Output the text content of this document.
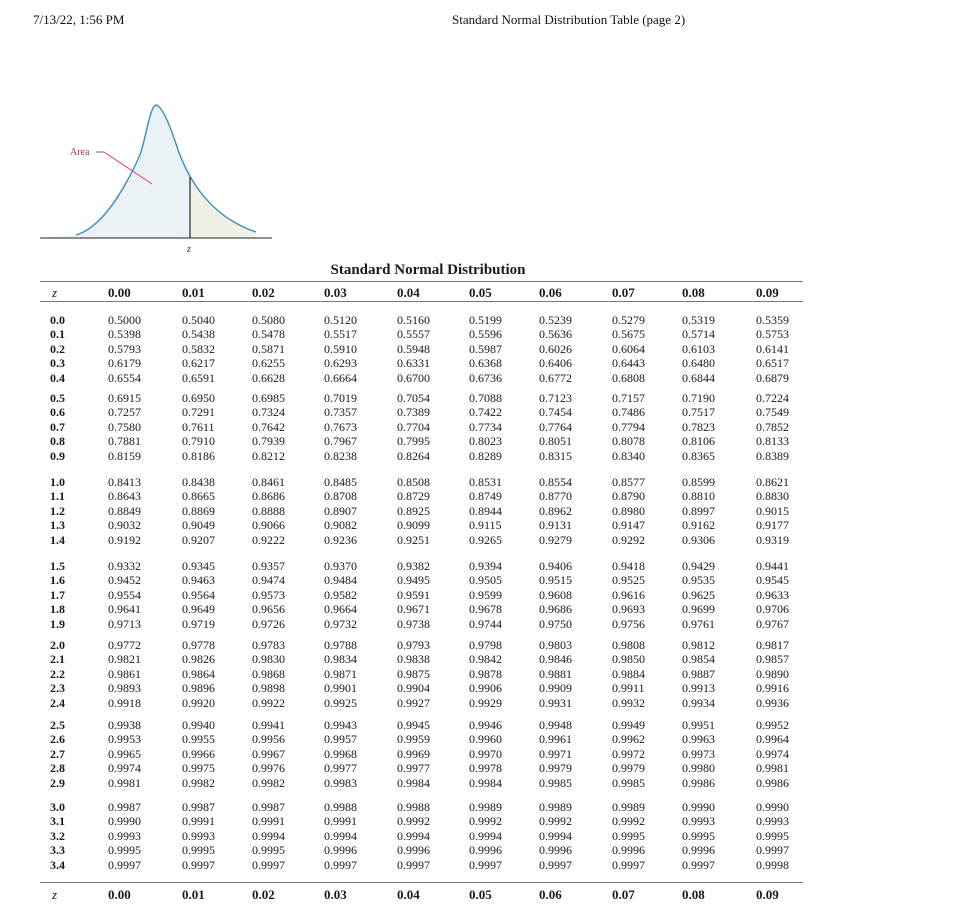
7/13/22, 1:56 PM	Standard Normal Distribution Table (page 2)
Area
z
Standard Normal Distribution
z	0.00	0.01	0.02	0.03	0.04	0.05	0.06	0.07	0.08	0.09
z	0.00	0.01	0.02	0.03	0.04	0.05	0.06	0.07	0.08	0.09
0.0	0.5000	0.5040	0.5080	0.5120	0.5160	0.5199	0.5239	0.5279	0.5319	0.5359
0.1	0.5398	0.5438	0.5478	0.5517	0.5557	0.5596	0.5636	0.5675	0.5714	0.5753
0.2	0.5793	0.5832	0.5871	0.5910	0.5948	0.5987	0.6026	0.6064	0.6103	0.6141
0.3	0.6179	0.6217	0.6255	0.6293	0.6331	0.6368	0.6406	0.6443	0.6480	0.6517
0.4	0.6554	0.6591	0.6628	0.6664	0.6700	0.6736	0.6772	0.6808	0.6844	0.6879
0.5	0.6915	0.6950	0.6985	0.7019	0.7054	0.7088	0.7123	0.7157	0.7190	0.7224
0.6	0.7257	0.7291	0.7324	0.7357	0.7389	0.7422	0.7454	0.7486	0.7517	0.7549
0.7	0.7580	0.7611	0.7642	0.7673	0.7704	0.7734	0.7764	0.7794	0.7823	0.7852
0.8	0.7881	0.7910	0.7939	0.7967	0.7995	0.8023	0.8051	0.8078	0.8106	0.8133
0.9	0.8159	0.8186	0.8212	0.8238	0.8264	0.8289	0.8315	0.8340	0.8365	0.8389
1.0	0.8413	0.8438	0.8461	0.8485	0.8508	0.8531	0.8554	0.8577	0.8599	0.8621
1.1	0.8643	0.8665	0.8686	0.8708	0.8729	0.8749	0.8770	0.8790	0.8810	0.8830
1.2	0.8849	0.8869	0.8888	0.8907	0.8925	0.8944	0.8962	0.8980	0.8997	0.9015
1.3	0.9032	0.9049	0.9066	0.9082	0.9099	0.9115	0.9131	0.9147	0.9162	0.9177
1.4	0.9192	0.9207	0.9222	0.9236	0.9251	0.9265	0.9279	0.9292	0.9306	0.9319
1.5	0.9332	0.9345	0.9357	0.9370	0.9382	0.9394	0.9406	0.9418	0.9429	0.9441
1.6	0.9452	0.9463	0.9474	0.9484	0.9495	0.9505	0.9515	0.9525	0.9535	0.9545
1.7	0.9554	0.9564	0.9573	0.9582	0.9591	0.9599	0.9608	0.9616	0.9625	0.9633
1.8	0.9641	0.9649	0.9656	0.9664	0.9671	0.9678	0.9686	0.9693	0.9699	0.9706
1.9	0.9713	0.9719	0.9726	0.9732	0.9738	0.9744	0.9750	0.9756	0.9761	0.9767
2.0	0.9772	0.9778	0.9783	0.9788	0.9793	0.9798	0.9803	0.9808	0.9812	0.9817
2.1	0.9821	0.9826	0.9830	0.9834	0.9838	0.9842	0.9846	0.9850	0.9854	0.9857
2.2	0.9861	0.9864	0.9868	0.9871	0.9875	0.9878	0.9881	0.9884	0.9887	0.9890
2.3	0.9893	0.9896	0.9898	0.9901	0.9904	0.9906	0.9909	0.9911	0.9913	0.9916
2.4	0.9918	0.9920	0.9922	0.9925	0.9927	0.9929	0.9931	0.9932	0.9934	0.9936
2.5	0.9938	0.9940	0.9941	0.9943	0.9945	0.9946	0.9948	0.9949	0.9951	0.9952
2.6	0.9953	0.9955	0.9956	0.9957	0.9959	0.9960	0.9961	0.9962	0.9963	0.9964
2.7	0.9965	0.9966	0.9967	0.9968	0.9969	0.9970	0.9971	0.9972	0.9973	0.9974
2.8	0.9974	0.9975	0.9976	0.9977	0.9977	0.9978	0.9979	0.9979	0.9980	0.9981
2.9	0.9981	0.9982	0.9982	0.9983	0.9984	0.9984	0.9985	0.9985	0.9986	0.9986
3.0	0.9987	0.9987	0.9987	0.9988	0.9988	0.9989	0.9989	0.9989	0.9990	0.9990
3.1	0.9990	0.9991	0.9991	0.9991	0.9992	0.9992	0.9992	0.9992	0.9993	0.9993
3.2	0.9993	0.9993	0.9994	0.9994	0.9994	0.9994	0.9994	0.9995	0.9995	0.9995
3.3	0.9995	0.9995	0.9995	0.9996	0.9996	0.9996	0.9996	0.9996	0.9996	0.9997
3.4	0.9997	0.9997	0.9997	0.9997	0.9997	0.9997	0.9997	0.9997	0.9997	0.9998
